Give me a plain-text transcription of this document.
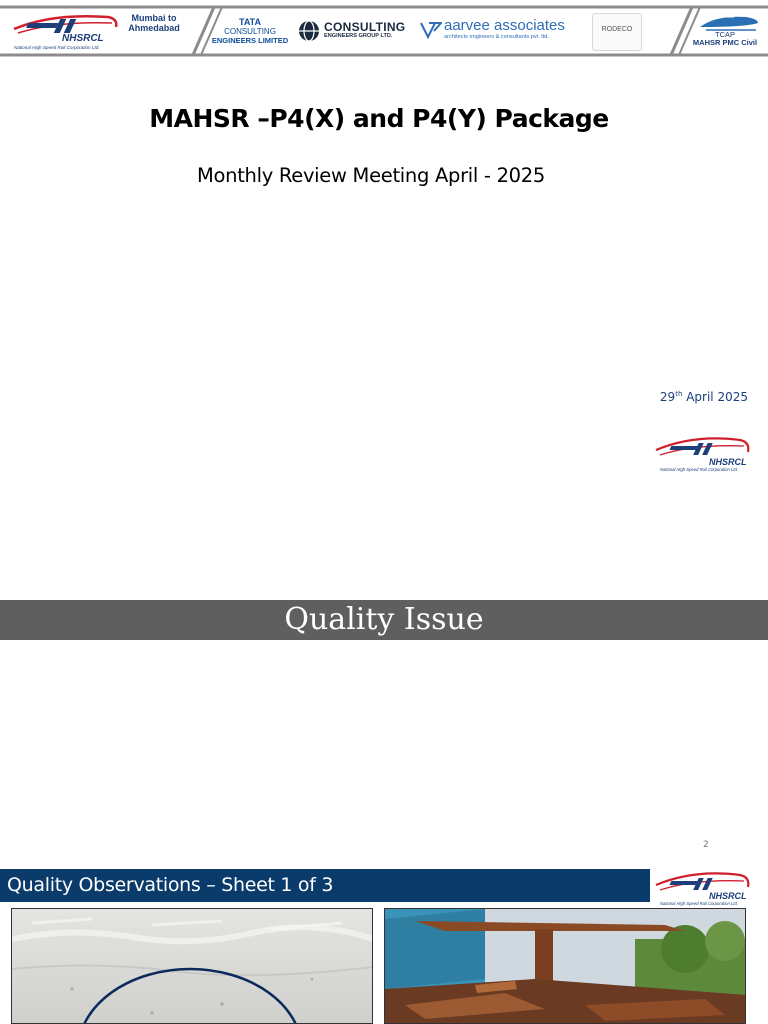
NHSRCL
National High Speed Rail Corporation Ltd.
Mumbai to
Ahmedabad
TATA
CONSULTING
ENGINEERS LIMITED
CONSULTING
ENGINEERS GROUP LTD.
aarvee associates
architects engineers & consultants pvt. ltd.
RODECO
TCAP
MAHSR PMC Civil
MAHSR –P4(X) and P4(Y) Package
Monthly Review Meeting April - 2025
29th April 2025
NHSRCL
National High Speed Rail Corporation Ltd.
Quality Issue
2
Quality Observations – Sheet 1 of 3	NHSRCL
National High Speed Rail Corporation Ltd.
